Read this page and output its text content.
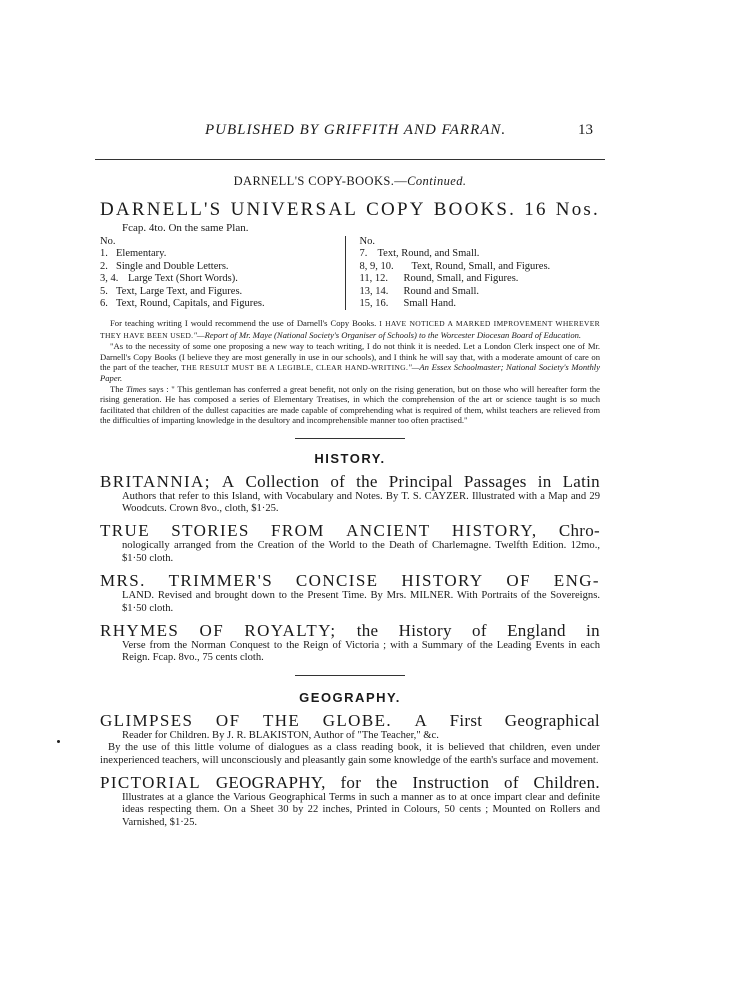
PUBLISHED BY GRIFFITH AND FARRAN.	13
DARNELL'S COPY-BOOKS.—Continued.
DARNELL'S UNIVERSAL COPY BOOKS. 16 Nos.
Fcap. 4to. On the same Plan.
No.
1. Elementary.
2. Single and Double Letters.
3, 4. Large Text (Short Words).
5. Text, Large Text, and Figures.
6. Text, Round, Capitals, and Figures.
No.
7. Text, Round, and Small.
8, 9, 10.	Text, Round, Small, and Figures.
11, 12.	Round, Small, and Figures.
13, 14.	Round and Small.
15, 16.	Small Hand.

For teaching writing I would recommend the use of Darnell's Copy Books. I HAVE NOTICED A MARKED IMPROVEMENT WHEREVER THEY HAVE BEEN USED."—Report of Mr. Maye (National Society's Organiser of Schools) to the Worcester Diocesan Board of Education.

"As to the necessity of some one proposing a new way to teach writing, I do not think it is needed. Let a London Clerk inspect one of Mr. Darnell's Copy Books (I believe they are most generally in use in our schools), and I think he will say that, with a moderate amount of care on the part of the teacher, THE RESULT MUST BE A LEGIBLE, CLEAR HAND-WRITING."—An Essex Schoolmaster; National Society's Monthly Paper.

The Times says : " This gentleman has conferred a great benefit, not only on the rising generation, but on those who will hereafter form the rising generation. He has composed a series of Elementary Treatises, in which the comprehension of the art or science taught is so much facilitated that children of the dullest capacities are made capable of comprehending what is required of them, whilst teachers are relieved from the difficulties of imparting knowledge in the desultory and incomprehensible manner too often practised."

HISTORY.
BRITANNIA; A Collection of the Principal Passages in Latin
Authors that refer to this Island, with Vocabulary and Notes. By T. S. CAYZER. Illustrated with a Map and 29 Woodcuts. Crown 8vo., cloth, $1·25.
TRUE STORIES FROM ANCIENT HISTORY, Chro-
nologically arranged from the Creation of the World to the Death of Charlemagne. Twelfth Edition. 12mo., $1·50 cloth.
MRS. TRIMMER'S CONCISE HISTORY OF ENG-
LAND. Revised and brought down to the Present Time. By Mrs. MILNER. With Portraits of the Sovereigns. $1·50 cloth.
RHYMES OF ROYALTY; the History of England in
Verse from the Norman Conquest to the Reign of Victoria ; with a Summary of the Leading Events in each Reign. Fcap. 8vo., 75 cents cloth.
GEOGRAPHY.
GLIMPSES OF THE GLOBE. A First Geographical
Reader for Children. By J. R. BLAKISTON, Author of "The Teacher," &c.

By the use of this little volume of dialogues as a class reading book, it is believed that children, even under inexperienced teachers, will unconsciously and pleasantly gain some knowledge of the earth's surface and movement.

PICTORIAL GEOGRAPHY, for the Instruction of Children.
Illustrates at a glance the Various Geographical Terms in such a manner as to at once impart clear and definite ideas respecting them. On a Sheet 30 by 22 inches, Printed in Colours, 50 cents ; Mounted on Rollers and Varnished, $1·25.
